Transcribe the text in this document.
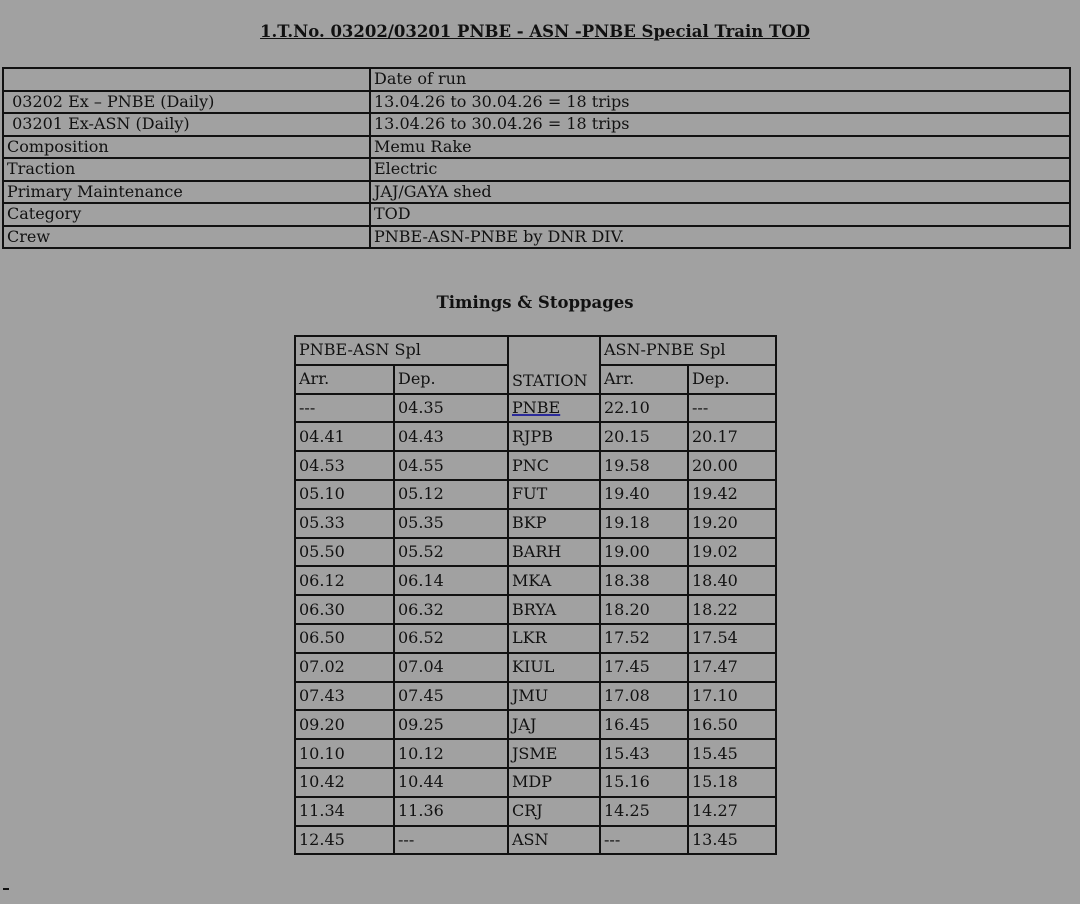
1.T.No. 03202/03201 PNBE - ASN -PNBE Special Train TOD
	Date of run
03202 Ex – PNBE (Daily)	13.04.26 to 30.04.26 = 18 trips
03201 Ex-ASN (Daily)	13.04.26 to 30.04.26 = 18 trips
Composition	Memu Rake
Traction	Electric
Primary Maintenance	JAJ/GAYA shed
Category	TOD
Crew	PNBE-ASN-PNBE by DNR DIV.
Timings & Stoppages
PNBE-ASN Spl		STATION	ASN-PNBE Spl	
Arr.	Dep.		Arr.	Dep.
---	04.35	PNBE	22.10	---
04.41	04.43	RJPB	20.15	20.17
04.53	04.55	PNC	19.58	20.00
05.10	05.12	FUT	19.40	19.42
05.33	05.35	BKP	19.18	19.20
05.50	05.52	BARH	19.00	19.02
06.12	06.14	MKA	18.38	18.40
06.30	06.32	BRYA	18.20	18.22
06.50	06.52	LKR	17.52	17.54
07.02	07.04	KIUL	17.45	17.47
07.43	07.45	JMU	17.08	17.10
09.20	09.25	JAJ	16.45	16.50
10.10	10.12	JSME	15.43	15.45
10.42	10.44	MDP	15.16	15.18
11.34	11.36	CRJ	14.25	14.27
12.45	---	ASN	---	13.45
